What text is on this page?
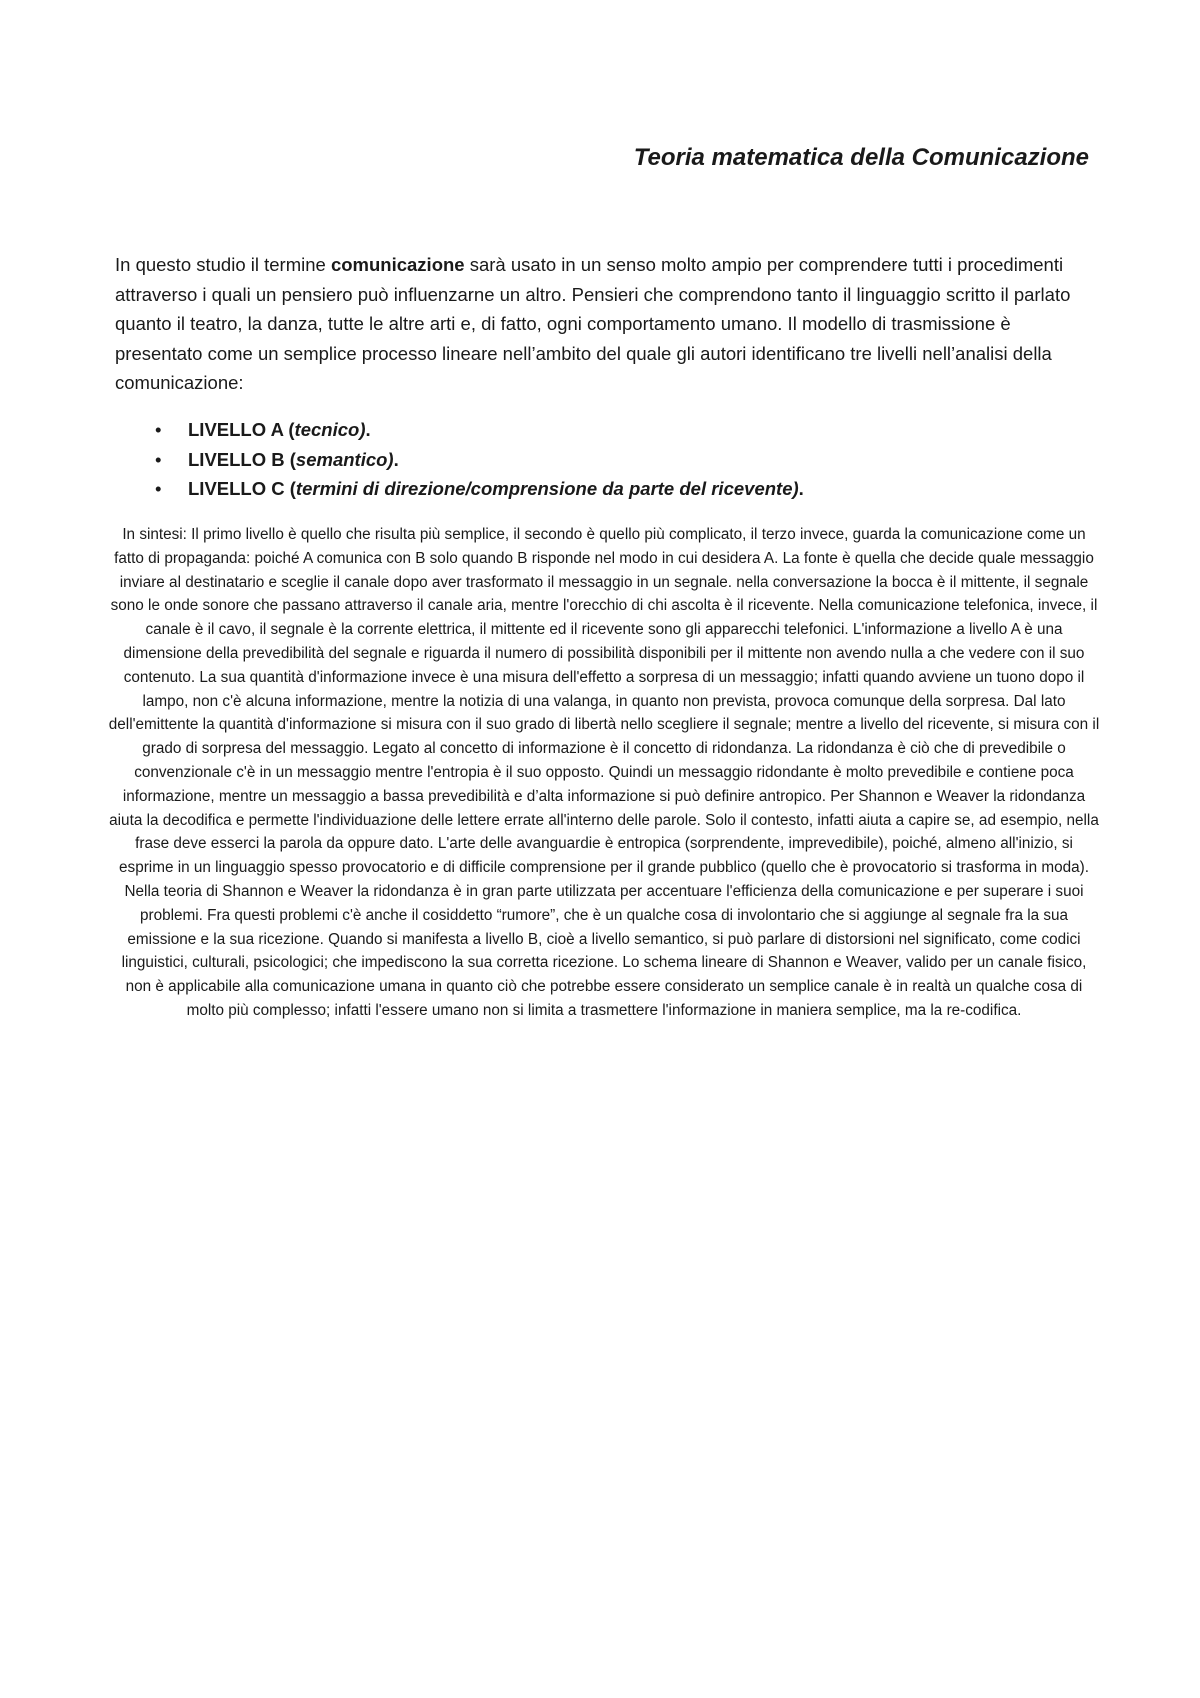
Teoria matematica della Comunicazione

In questo studio il termine comunicazione sarà usato in un senso molto ampio per comprendere tutti i procedimenti attraverso i quali un pensiero può influenzarne un altro. Pensieri che comprendono tanto il linguaggio scritto il parlato quanto il teatro, la danza, tutte le altre arti e, di fatto, ogni comportamento umano. Il modello di trasmissione è presentato come un semplice processo lineare nell’ambito del quale gli autori identificano tre livelli nell’analisi della comunicazione:

• LIVELLO A (tecnico).
• LIVELLO B (semantico).
• LIVELLO C (termini di direzione/comprensione da parte del ricevente).

In sintesi: Il primo livello è quello che risulta più semplice, il secondo è quello più complicato, il terzo invece, guarda la comunicazione come un fatto di propaganda: poiché A comunica con B solo quando B risponde nel modo in cui desidera A. La fonte è quella che decide quale messaggio inviare al destinatario e sceglie il canale dopo aver trasformato il messaggio in un segnale. nella conversazione la bocca è il mittente, il segnale sono le onde sonore che passano attraverso il canale aria, mentre l'orecchio di chi ascolta è il ricevente. Nella comunicazione telefonica, invece, il canale è il cavo, il segnale è la corrente elettrica, il mittente ed il ricevente sono gli apparecchi telefonici. L'informazione a livello A è una dimensione della prevedibilità del segnale e riguarda il numero di possibilità disponibili per il mittente non avendo nulla a che vedere con il suo contenuto. La sua quantità d'informazione invece è una misura dell'effetto a sorpresa di un messaggio; infatti quando avviene un tuono dopo il lampo, non c'è alcuna informazione, mentre la notizia di una valanga, in quanto non prevista, provoca comunque della sorpresa. Dal lato dell'emittente la quantità d'informazione si misura con il suo grado di libertà nello scegliere il segnale; mentre a livello del ricevente, si misura con il grado di sorpresa del messaggio. Legato al concetto di informazione è il concetto di ridondanza. La ridondanza è ciò che di prevedibile o convenzionale c'è in un messaggio mentre l'entropia è il suo opposto. Quindi un messaggio ridondante è molto prevedibile e contiene poca informazione, mentre un messaggio a bassa prevedibilità e d’alta informazione si può definire antropico. Per Shannon e Weaver la ridondanza aiuta la decodifica e permette l'individuazione delle lettere errate all'interno delle parole. Solo il contesto, infatti aiuta a capire se, ad esempio, nella frase deve esserci la parola da oppure dato. L'arte delle avanguardie è entropica (sorprendente, imprevedibile), poiché, almeno all'inizio, si esprime in un linguaggio spesso provocatorio e di difficile comprensione per il grande pubblico (quello che è provocatorio si trasforma in moda). Nella teoria di Shannon e Weaver la ridondanza è in gran parte utilizzata per accentuare l'efficienza della comunicazione e per superare i suoi problemi. Fra questi problemi c'è anche il cosiddetto “rumore”, che è un qualche cosa di involontario che si aggiunge al segnale fra la sua emissione e la sua ricezione. Quando si manifesta a livello B, cioè a livello semantico, si può parlare di distorsioni nel significato, come codici linguistici, culturali, psicologici; che impediscono la sua corretta ricezione. Lo schema lineare di Shannon e Weaver, valido per un canale fisico, non è applicabile alla comunicazione umana in quanto ciò che potrebbe essere considerato un semplice canale è in realtà un qualche cosa di molto più complesso; infatti l'essere umano non si limita a trasmettere l'informazione in maniera semplice, ma la re-codifica.
